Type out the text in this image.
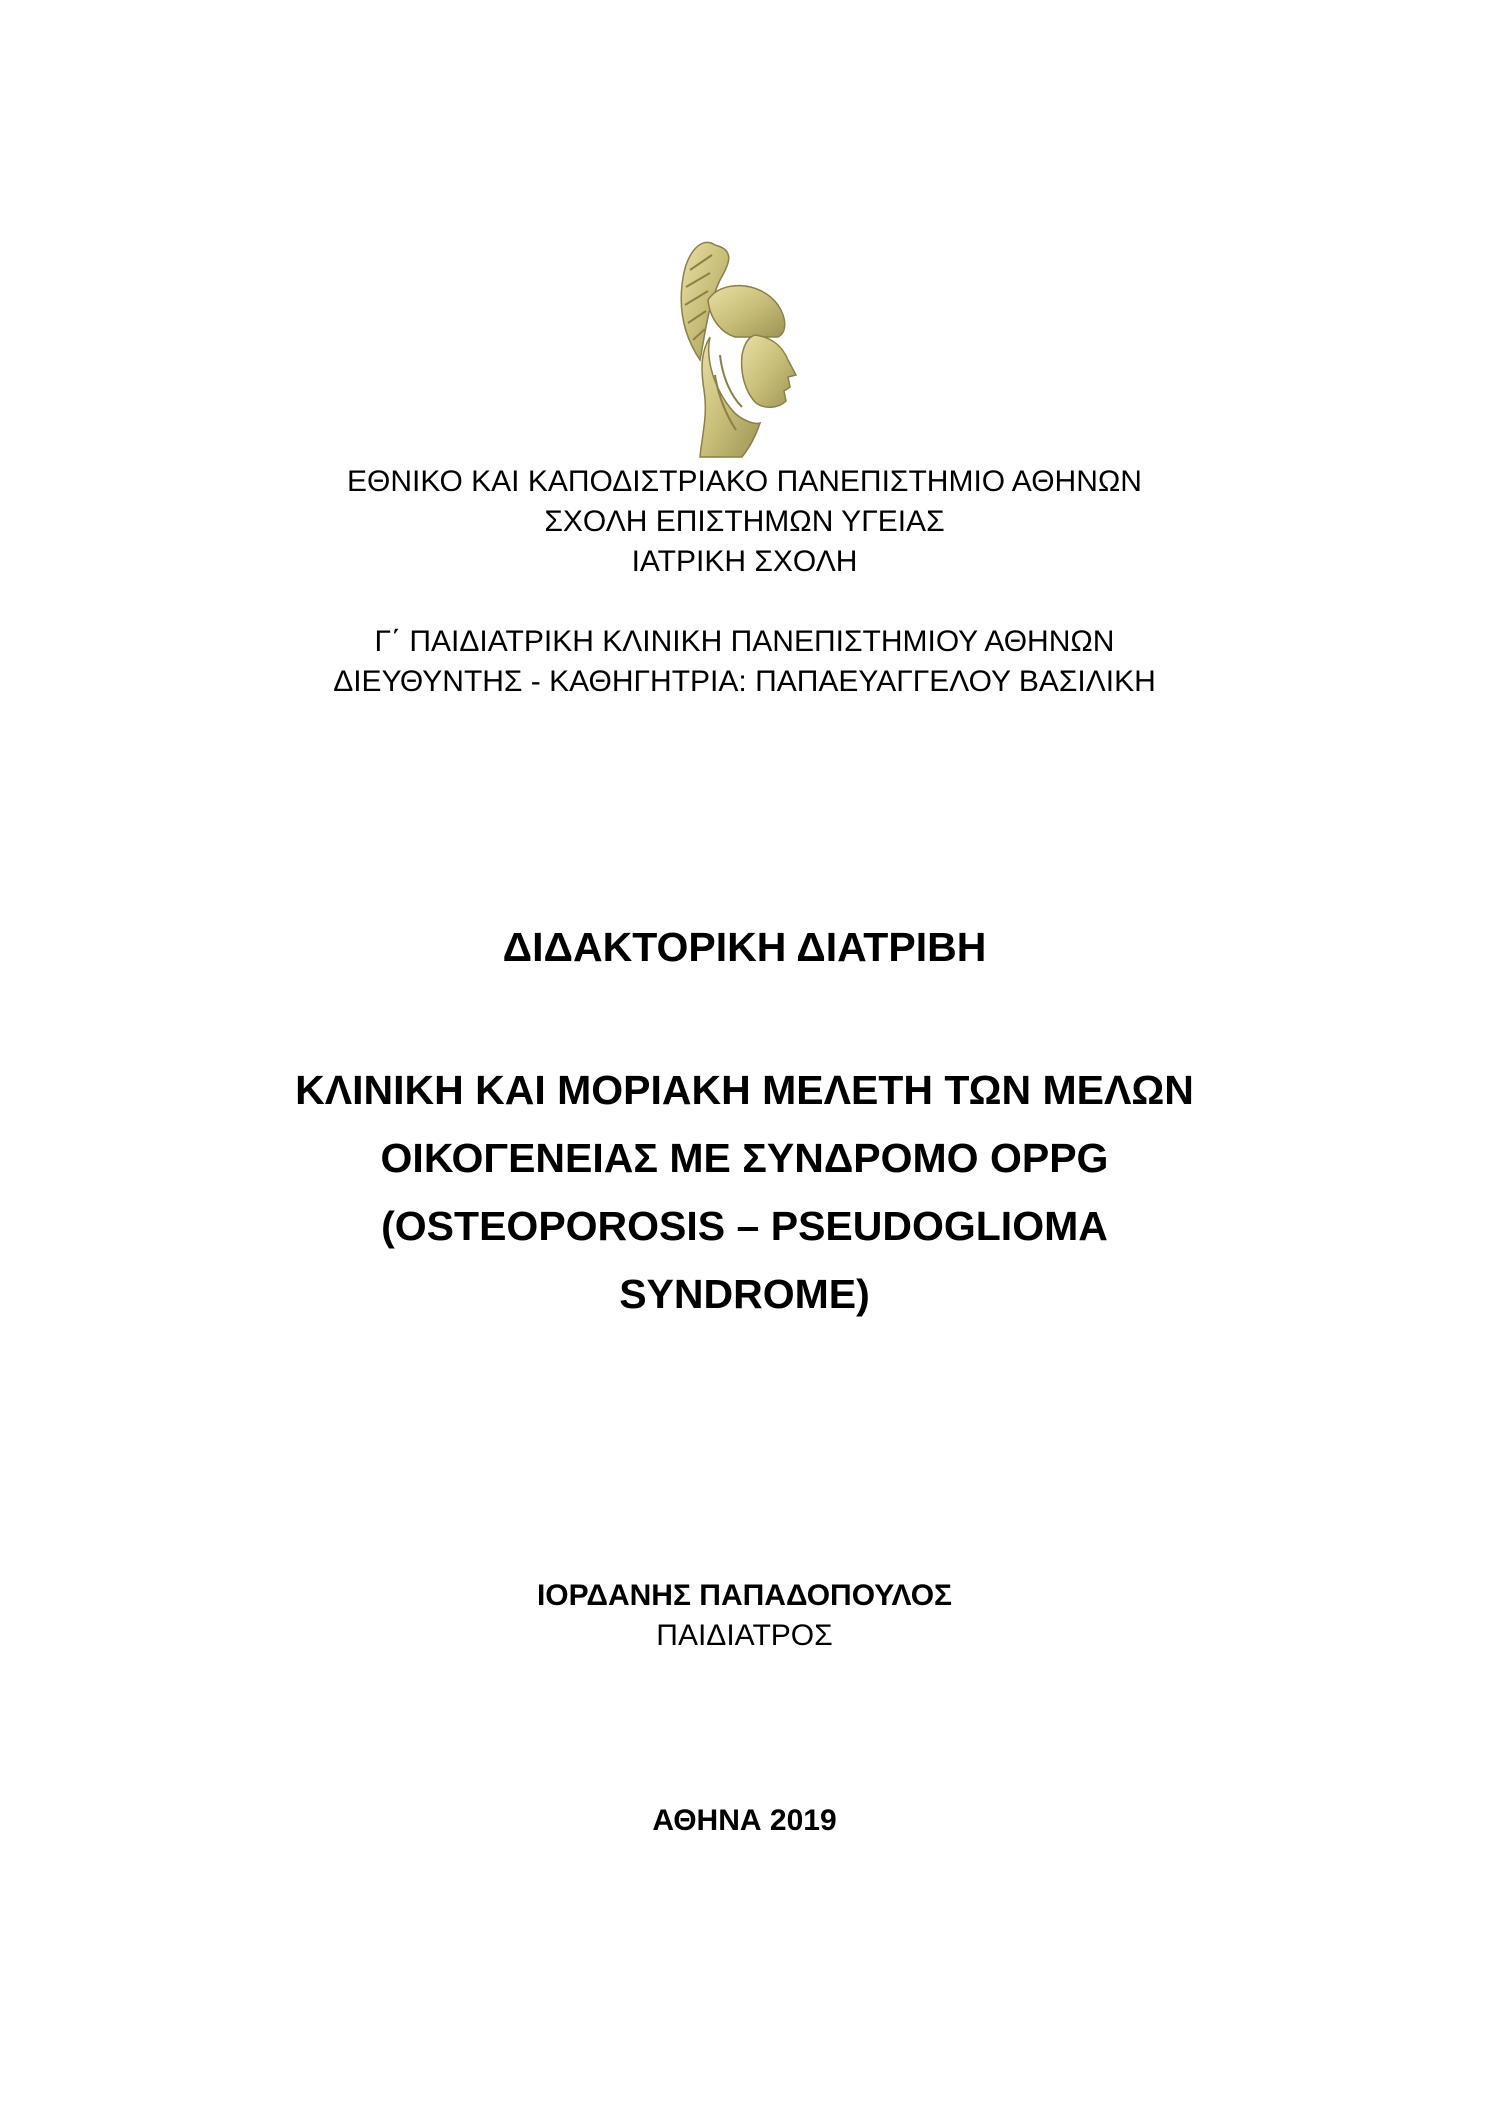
ΕΘΝΙΚΟ ΚΑΙ ΚΑΠΟΔΙΣΤΡΙΑΚΟ ΠΑΝΕΠΙΣΤΗΜΙΟ ΑΘΗΝΩΝ

ΣΧΟΛΗ ΕΠΙΣΤΗΜΩΝ ΥΓΕΙΑΣ

ΙΑΤΡΙΚΗ ΣΧΟΛΗ

Γ΄ ΠΑΙΔΙΑΤΡΙΚΗ ΚΛΙΝΙΚΗ ΠΑΝΕΠΙΣΤΗΜΙΟΥ ΑΘΗΝΩΝ

ΔΙΕΥΘΥΝΤΗΣ - ΚΑΘΗΓΗΤΡΙΑ: ΠΑΠΑΕΥΑΓΓΕΛΟΥ ΒΑΣΙΛΙΚΗ

ΔΙΔΑΚΤΟΡΙΚΗ ΔΙΑΤΡΙΒΗ

ΚΛΙΝΙΚΗ ΚΑΙ ΜΟΡΙΑΚΗ ΜΕΛΕΤΗ ΤΩΝ ΜΕΛΩΝ

ΟΙΚΟΓΕΝΕΙΑΣ ΜΕ ΣΥΝΔΡΟΜΟ OPPG

(OSTEOPOROSIS – PSEUDOGLIOMA

SYNDROME)

ΙΟΡΔΑΝΗΣ ΠΑΠΑΔΟΠΟΥΛΟΣ

ΠΑΙΔΙΑΤΡΟΣ

ΑΘΗΝΑ 2019
